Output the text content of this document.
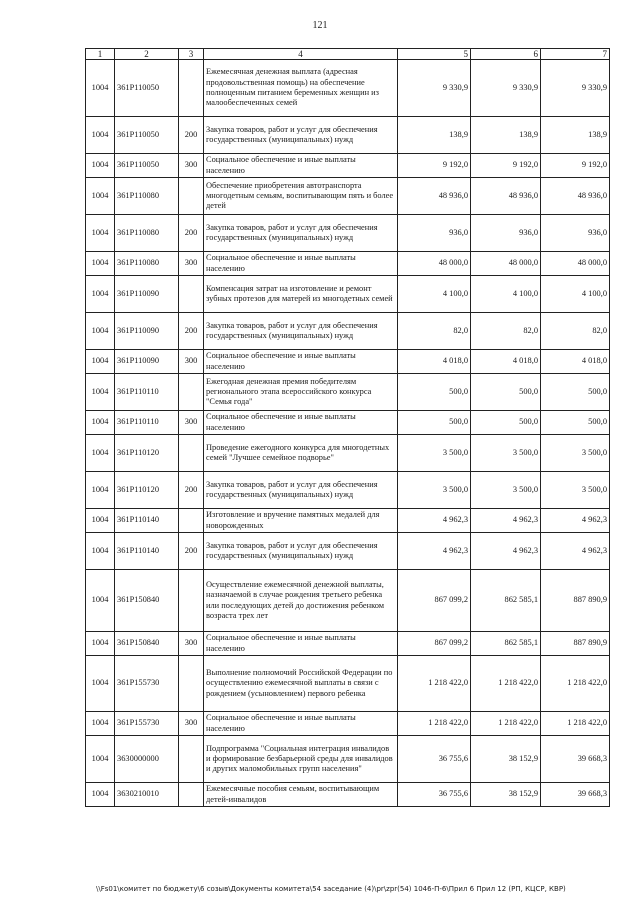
121
1	2	3	4	5	6	7
1004	361P110050		Ежемесячная денежная выплата (адресная продовольственная помощь) на обеспечение полноценным питанием беременных женщин из малообеспеченных семей	9 330,9	9 330,9	9 330,9
1004	361P110050	200	Закупка товаров, работ и услуг для обеспечения государственных (муниципальных) нужд	138,9	138,9	138,9
1004	361P110050	300	Социальное обеспечение и иные выплаты населению	9 192,0	9 192,0	9 192,0
1004	361P110080		Обеспечение приобретения автотранспорта многодетным семьям, воспитывающим пять и более детей	48 936,0	48 936,0	48 936,0
1004	361P110080	200	Закупка товаров, работ и услуг для обеспечения государственных (муниципальных) нужд	936,0	936,0	936,0
1004	361P110080	300	Социальное обеспечение и иные выплаты населению	48 000,0	48 000,0	48 000,0
1004	361P110090		Компенсация затрат на изготовление и ремонт зубных протезов для матерей из многодетных семей	4 100,0	4 100,0	4 100,0
1004	361P110090	200	Закупка товаров, работ и услуг для обеспечения государственных (муниципальных) нужд	82,0	82,0	82,0
1004	361P110090	300	Социальное обеспечение и иные выплаты населению	4 018,0	4 018,0	4 018,0
1004	361P110110		Ежегодная денежная премия победителям регионального этапа всероссийского конкурса "Семья года"	500,0	500,0	500,0
1004	361P110110	300	Социальное обеспечение и иные выплаты населению	500,0	500,0	500,0
1004	361P110120		Проведение ежегодного конкурса для многодетных семей "Лучшее семейное подворье"	3 500,0	3 500,0	3 500,0
1004	361P110120	200	Закупка товаров, работ и услуг для обеспечения государственных (муниципальных) нужд	3 500,0	3 500,0	3 500,0
1004	361P110140		Изготовление и вручение памятных медалей для новорожденных	4 962,3	4 962,3	4 962,3
1004	361P110140	200	Закупка товаров, работ и услуг для обеспечения государственных (муниципальных) нужд	4 962,3	4 962,3	4 962,3
1004	361P150840		Осуществление ежемесячной денежной выплаты, назначаемой в случае рождения третьего ребенка или последующих детей до достижения ребенком возраста трех лет	867 099,2	862 585,1	887 890,9
1004	361P150840	300	Социальное обеспечение и иные выплаты населению	867 099,2	862 585,1	887 890,9
1004	361P155730		Выполнение полномочий Российской Федерации по осуществлению ежемесячной выплаты в связи с рождением (усыновлением) первого ребенка	1 218 422,0	1 218 422,0	1 218 422,0
1004	361P155730	300	Социальное обеспечение и иные выплаты населению	1 218 422,0	1 218 422,0	1 218 422,0
1004	3630000000		Подпрограмма "Социальная интеграция инвалидов и формирование безбарьерной среды для инвалидов и других маломобильных групп населения"	36 755,6	38 152,9	39 668,3
1004	3630210010		Ежемесячные пособия семьям, воспитывающим детей-инвалидов	36 755,6	38 152,9	39 668,3
\\Fs01\комитет по бюджету\6 созыв\Документы комитета\54 заседание (4)\pr\zpr(54) 1046-П-6\Прил 6 Прил 12 (РП, КЦСР, КВР)
